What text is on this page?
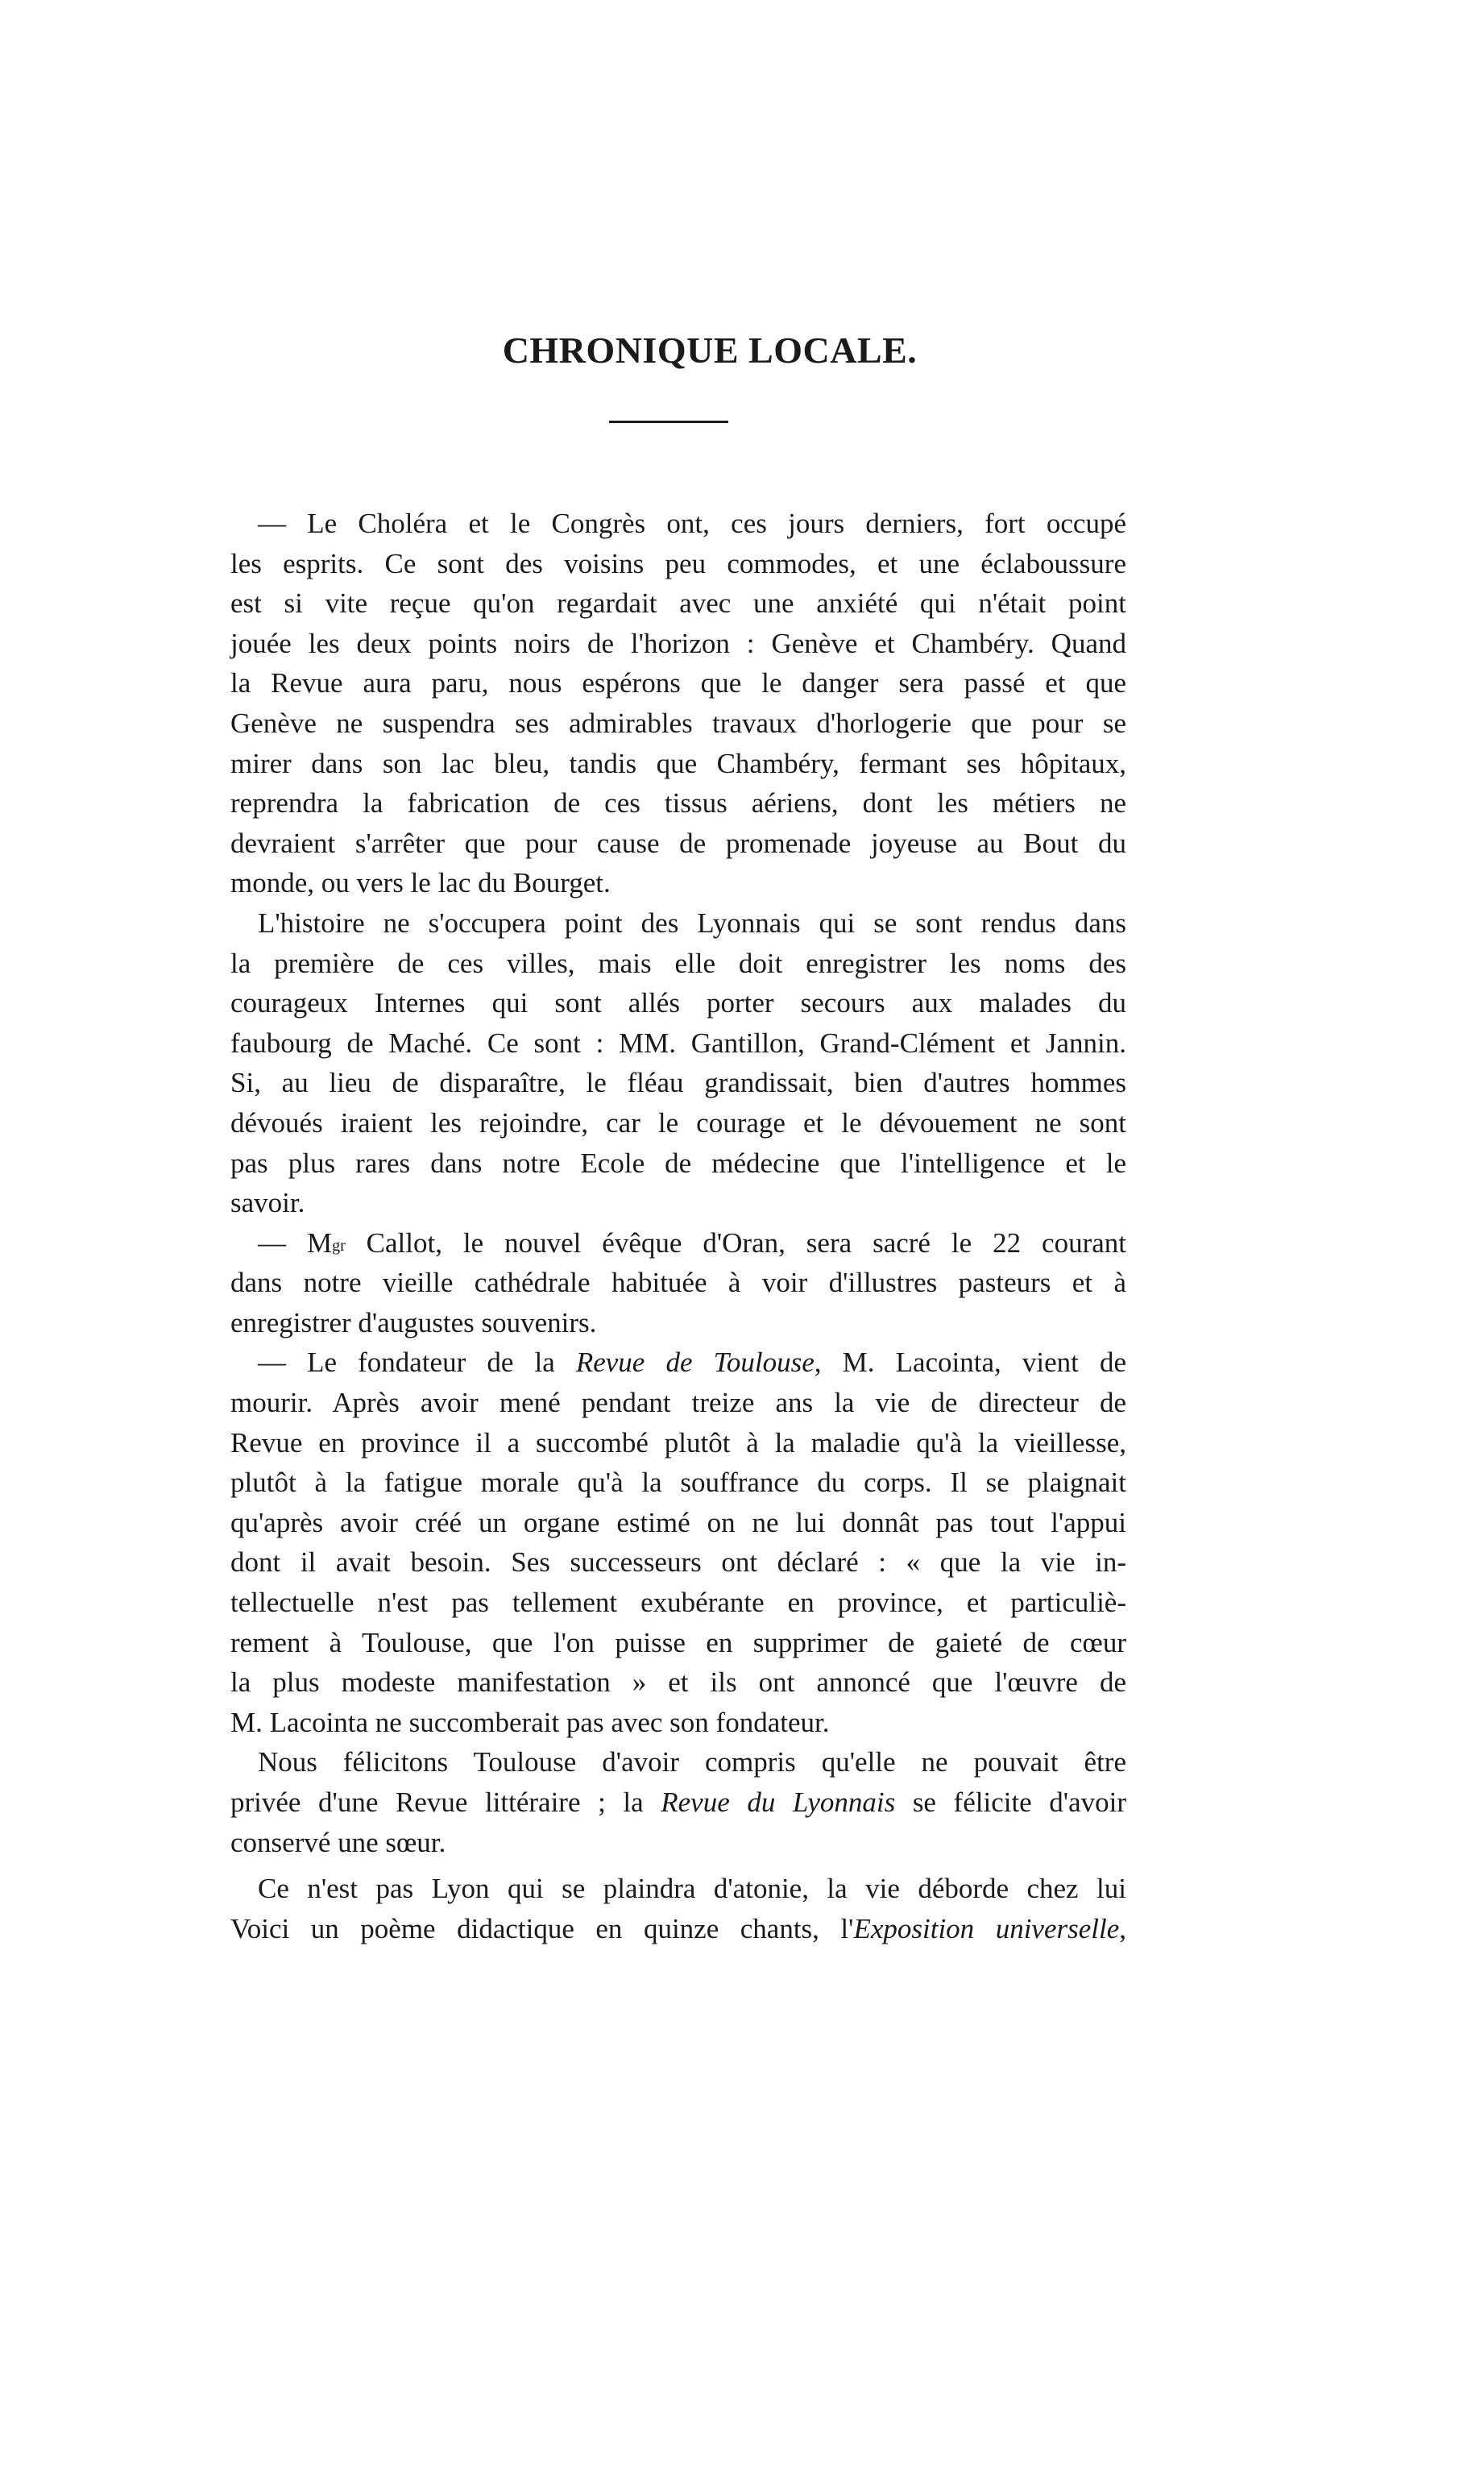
CHRONIQUE LOCALE.
— Le Choléra et le Congrès ont, ces jours derniers, fort occupé
les esprits. Ce sont des voisins peu commodes, et une éclaboussure
est si vite reçue qu'on regardait avec une anxiété qui n'était point
jouée les deux points noirs de l'horizon : Genève et Chambéry. Quand
la Revue aura paru, nous espérons que le danger sera passé et que
Genève ne suspendra ses admirables travaux d'horlogerie que pour se
mirer dans son lac bleu, tandis que Chambéry, fermant ses hôpitaux,
reprendra la fabrication de ces tissus aériens, dont les métiers ne
devraient s'arrêter que pour cause de promenade joyeuse au Bout du
monde, ou vers le lac du Bourget.
L'histoire ne s'occupera point des Lyonnais qui se sont rendus dans
la première de ces villes, mais elle doit enregistrer les noms des
courageux Internes qui sont allés porter secours aux malades du
faubourg de Maché. Ce sont : MM. Gantillon, Grand-Clément et Jannin.
Si, au lieu de disparaître, le fléau grandissait, bien d'autres hommes
dévoués iraient les rejoindre, car le courage et le dévouement ne sont
pas plus rares dans notre Ecole de médecine que l'intelligence et le
savoir.
— $M^{gr}$ Callot, le nouvel évêque d'Oran, sera sacré le 22 courant
dans notre vieille cathédrale habituée à voir d'illustres pasteurs et à
enregistrer d'augustes souvenirs.
— Le fondateur de la Revue de Toulouse, M. Lacointa, vient de
mourir. Après avoir mené pendant treize ans la vie de directeur de
Revue en province il a succombé plutôt à la maladie qu'à la vieillesse,
plutôt à la fatigue morale qu'à la souffrance du corps. Il se plaignait
qu'après avoir créé un organe estimé on ne lui donnât pas tout l'appui
dont il avait besoin. Ses successeurs ont déclaré : « que la vie in-
tellectuelle n'est pas tellement exubérante en province, et particuliè-
rement à Toulouse, que l'on puisse en supprimer de gaieté de cœur
la plus modeste manifestation » et ils ont annoncé que l'œuvre de
M. Lacointa ne succomberait pas avec son fondateur.
Nous félicitons Toulouse d'avoir compris qu'elle ne pouvait être
privée d'une Revue littéraire ; la Revue du Lyonnais se félicite d'avoir
conservé une sœur.
Ce n'est pas Lyon qui se plaindra d'atonie, la vie déborde chez lui
Voici un poème didactique en quinze chants, l'Exposition universelle,
